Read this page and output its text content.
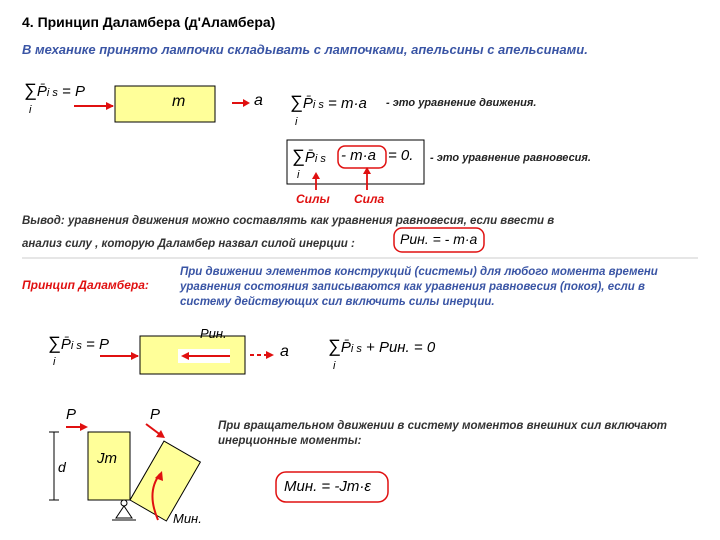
4. Принцип Даламбера (д'Аламбера)
В механике принято лампочки складывать с лампочками, апельсины с апельсинами.
∑P̄i s = P
i	m	a ∑P̄i s = m·a
i
- это уравнение движения.
∑P̄i s
i
- m·a = 0. - это уравнение равновесия.
Силы Сила
Вывод: уравнения движения можно составлять как уравнения равновесия, если ввести в
анализ силу , которую Даламбер назвал силой инерции :	Pин. = - m·a
Принцип Даламбера:
При движении элементов конструкций (системы) для любого момента времени уравнения состояния записываются как уравнения равновесия (покоя), если в систему действующих сил включить силы инерции.
∑P̄i s = P
i
Pин.
a ∑P̄i s + Pин. = 0
i
P	P
d Jm
Mин.
При вращательном движении в систему моментов внешних сил включают инерционные моменты:
Mин. = -Jm·ε
